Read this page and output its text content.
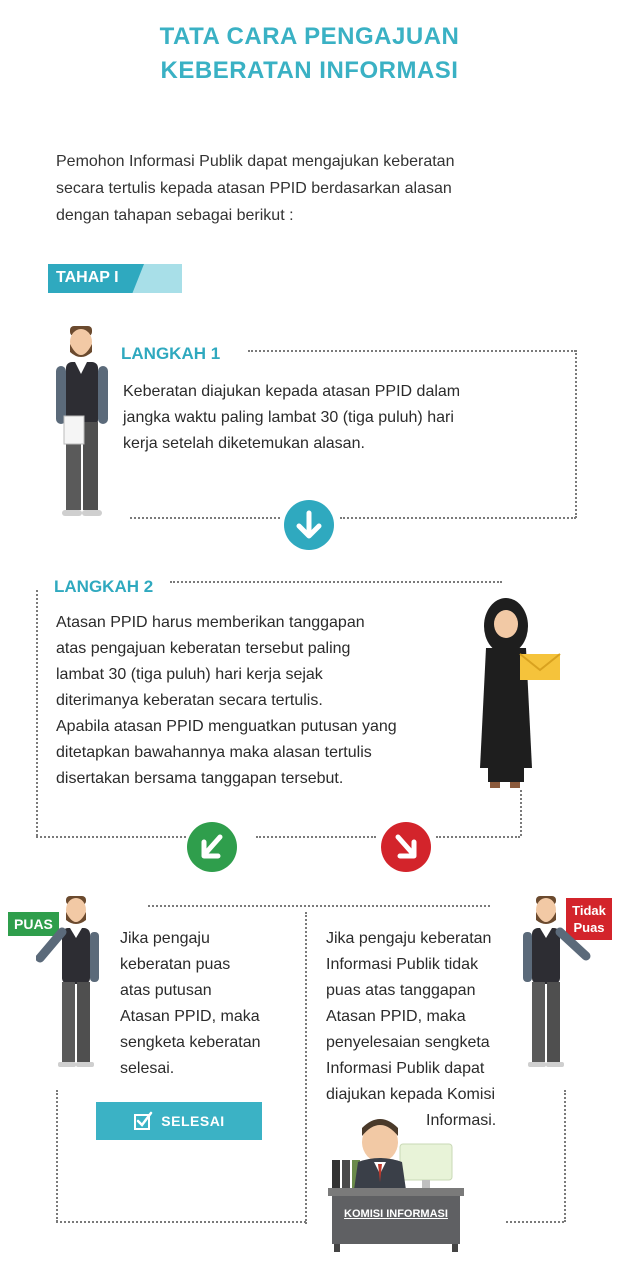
TATA CARA PENGAJUAN
KEBERATAN INFORMASI
Pemohon Informasi Publik dapat mengajukan keberatan
secara tertulis kepada atasan PPID berdasarkan alasan
dengan tahapan sebagai berikut :
TAHAP I
LANGKAH 1
Keberatan diajukan kepada atasan PPID dalam
jangka waktu paling lambat 30 (tiga puluh) hari
kerja setelah diketemukan alasan.
LANGKAH 2
Atasan PPID harus memberikan tanggapan
atas pengajuan keberatan tersebut paling
lambat 30 (tiga puluh) hari kerja sejak
diterimanya keberatan secara tertulis.
Apabila atasan PPID menguatkan putusan yang
ditetapkan bawahannya maka alasan tertulis
disertakan bersama tanggapan tersebut.
PUAS
Jika pengaju
keberatan puas
atas putusan
Atasan PPID, maka
sengketa keberatan
selesai.
SELESAI
Tidak
Puas
Jika pengaju keberatan
Informasi Publik tidak
puas atas tanggapan
Atasan PPID, maka
penyelesaian sengketa
Informasi Publik dapat
diajukan kepada Komisi
Informasi.
KOMISI INFORMASI
